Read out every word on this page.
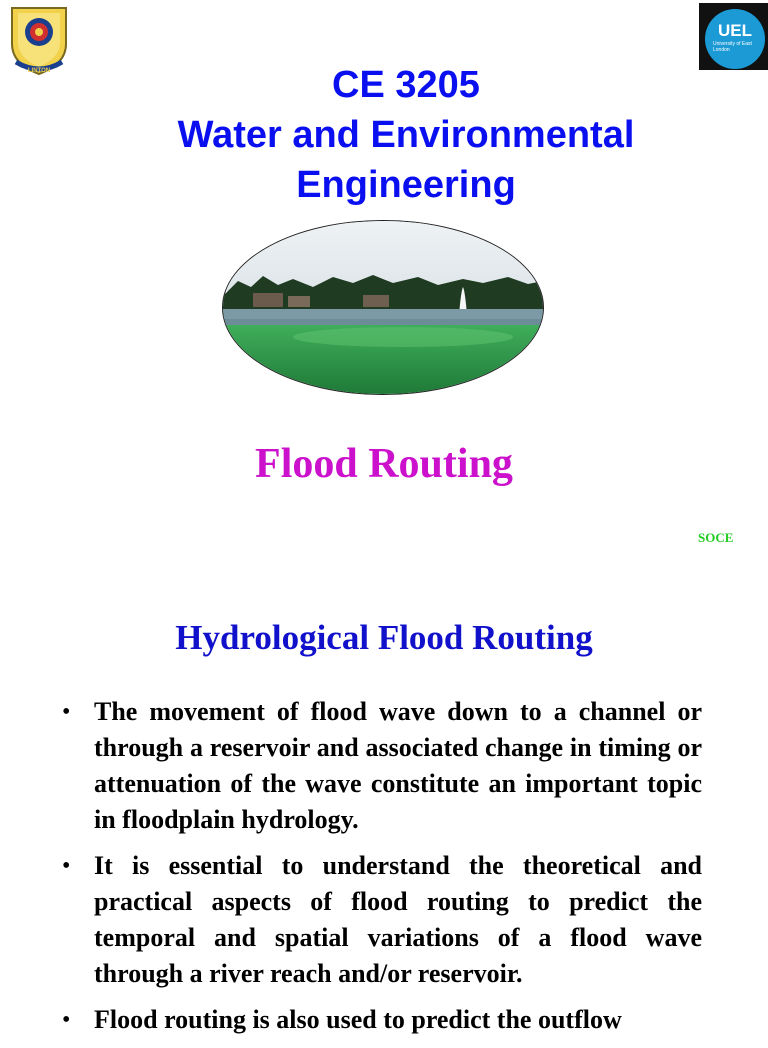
LINTON
UEL
University of East London
CE 3205
Water and Environmental
Engineering
Flood Routing
SOCE
Hydrological Flood Routing
• The movement of flood wave down to a channel or through a reservoir and associated change in timing or attenuation of the wave constitute an important topic in floodplain hydrology.
• It is essential to understand the theoretical and practical aspects of flood routing to predict the temporal and spatial variations of a flood wave through a river reach and/or reservoir.
• Flood routing is also used to predict the outflow
